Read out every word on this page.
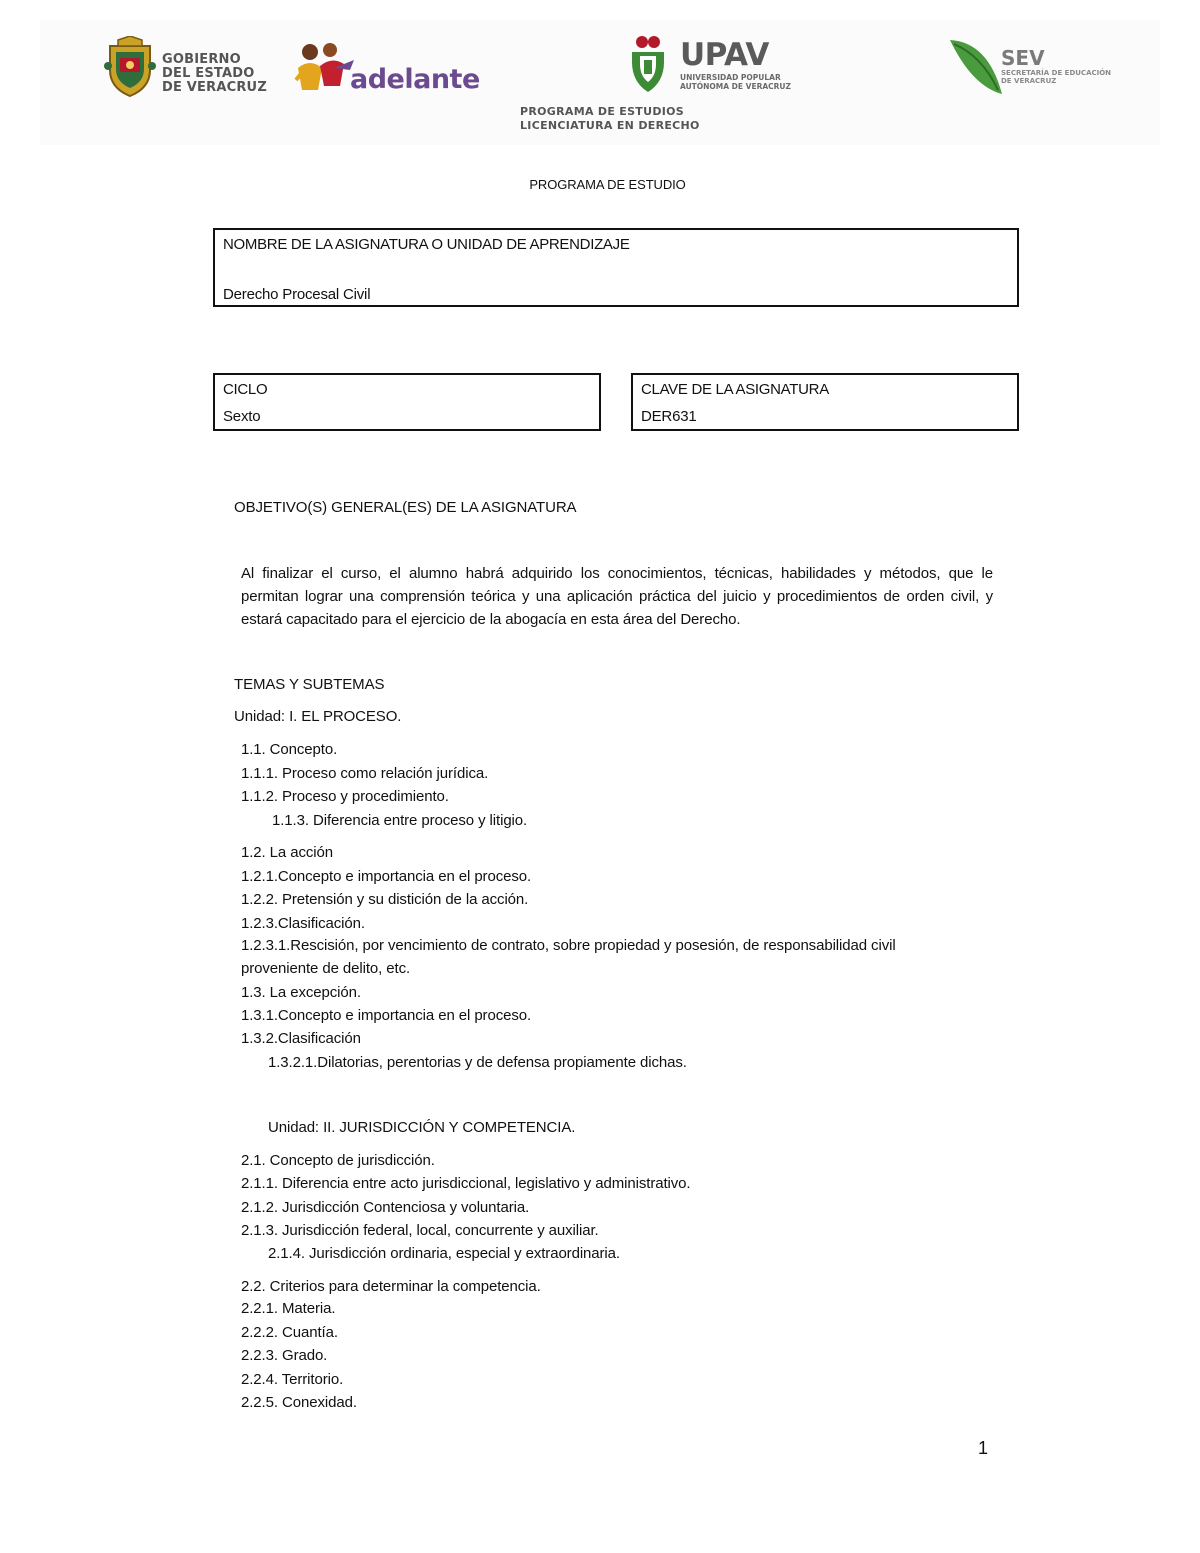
GOBIERNO
DEL ESTADO
DE VERACRUZ	adelante
UPAV
UNIVERSIDAD POPULAR
AUTÓNOMA DE VERACRUZ
PROGRAMA DE ESTUDIOS
LICENCIATURA EN DERECHO
SEV
SECRETARÍA DE EDUCACIÓN
DE VERACRUZ
PROGRAMA DE ESTUDIO
NOMBRE DE LA ASIGNATURA O UNIDAD DE APRENDIZAJE
Derecho Procesal Civil
CICLO
Sexto
CLAVE DE LA ASIGNATURA
DER631
OBJETIVO(S) GENERAL(ES) DE LA ASIGNATURA
Al finalizar el curso, el alumno habrá adquirido los conocimientos, técnicas, habilidades y métodos, que le permitan lograr una comprensión teórica y una aplicación práctica del juicio y procedimientos de orden civil, y estará capacitado para el ejercicio de la abogacía en esta área del Derecho.
TEMAS Y SUBTEMAS
Unidad: I. EL PROCESO.
1.1. Concepto.
1.1.1. Proceso como relación jurídica.
1.1.2. Proceso y procedimiento.
1.1.3. Diferencia entre proceso y litigio.
1.2. La acción
1.2.1.Concepto e importancia en el proceso.
1.2.2. Pretensión y su distición de la acción.
1.2.3.Clasificación.
1.2.3.1.Rescisión, por vencimiento de contrato, sobre propiedad y posesión, de responsabilidad civil
proveniente de delito, etc.
1.3. La excepción.
1.3.1.Concepto e importancia en el proceso.
1.3.2.Clasificación
1.3.2.1.Dilatorias, perentorias y de defensa propiamente dichas.
Unidad: II. JURISDICCIÓN Y COMPETENCIA.
2.1. Concepto de jurisdicción.
2.1.1. Diferencia entre acto jurisdiccional, legislativo y administrativo.
2.1.2. Jurisdicción Contenciosa y voluntaria.
2.1.3. Jurisdicción federal, local, concurrente y auxiliar.
2.1.4. Jurisdicción ordinaria, especial y extraordinaria.
2.2. Criterios para determinar la competencia.
2.2.1. Materia.
2.2.2. Cuantía.
2.2.3. Grado.
2.2.4. Territorio.
2.2.5. Conexidad.
1
